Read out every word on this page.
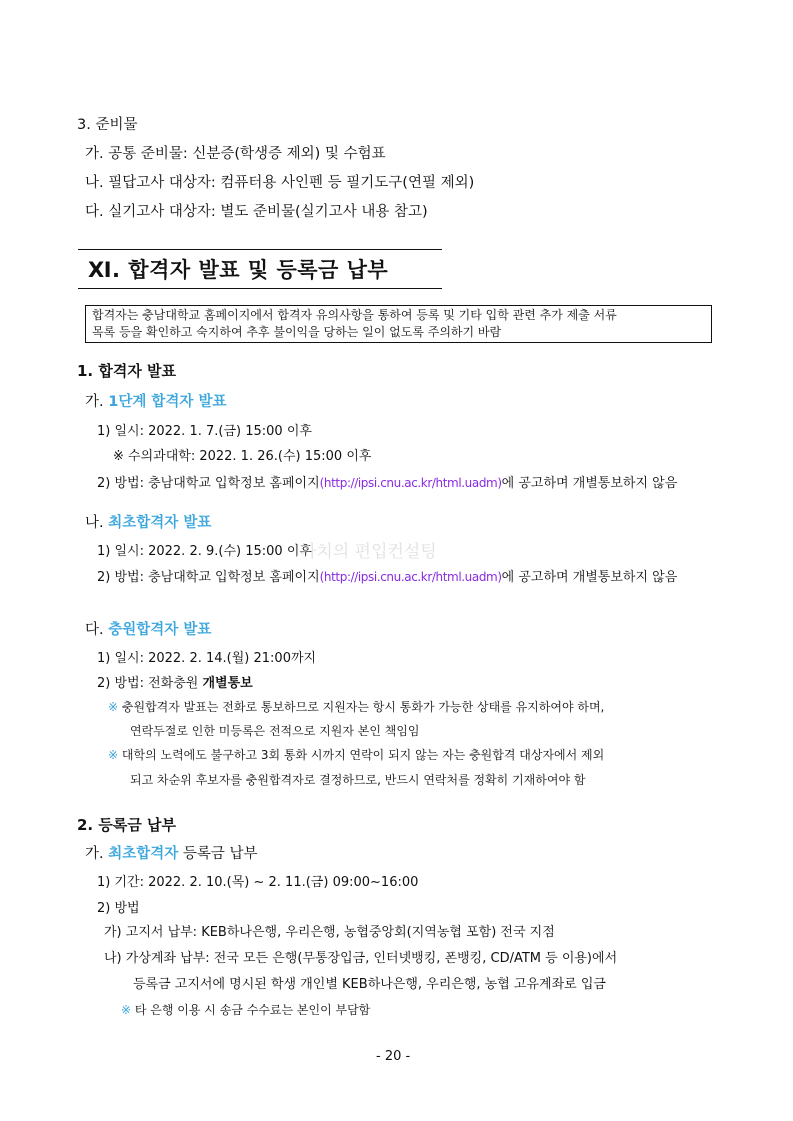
3. 준비물
가. 공통 준비물: 신분증(학생증 제외) 및 수험표
나. 필답고사 대상자: 컴퓨터용 사인펜 등 필기도구(연필 제외)
다. 실기고사 대상자: 별도 준비물(실기고사 내용 참고)
Ⅺ. 합격자 발표 및 등록금 납부
합격자는 충남대학교 홈페이지에서 합격자 유의사항을 통하여 등록 및 기타 입학 관련 추가 제출 서류
목록 등을 확인하고 숙지하여 추후 불이익을 당하는 일이 없도록 주의하기 바람
1. 합격자 발표
가. 1단계 합격자 발표
1) 일시: 2022. 1. 7.(금) 15:00 이후
※ 수의과대학: 2022. 1. 26.(수) 15:00 이후
2) 방법: 충남대학교 입학정보 홈페이지(http://ipsi.cnu.ac.kr/html.uadm)에 공고하며 개별통보하지 않음
나. 최초합격자 발표
1) 일시: 2022. 2. 9.(수) 15:00 이후
2) 방법: 충남대학교 입학정보 홈페이지(http://ipsi.cnu.ac.kr/html.uadm)에 공고하며 개별통보하지 않음
가치의 편입컨설팅
다. 충원합격자 발표
1) 일시: 2022. 2. 14.(월) 21:00까지
2) 방법: 전화충원 개별통보
※ 충원합격자 발표는 전화로 통보하므로 지원자는 항시 통화가 가능한 상태를 유지하여야 하며,
연락두절로 인한 미등록은 전적으로 지원자 본인 책임임
※ 대학의 노력에도 불구하고 3회 통화 시까지 연락이 되지 않는 자는 충원합격 대상자에서 제외
되고 차순위 후보자를 충원합격자로 결정하므로, 반드시 연락처를 정확히 기재하여야 함
2. 등록금 납부
가. 최초합격자 등록금 납부
1) 기간: 2022. 2. 10.(목) ~ 2. 11.(금) 09:00~16:00
2) 방법
가) 고지서 납부: KEB하나은행, 우리은행, 농협중앙회(지역농협 포함) 전국 지점
나) 가상계좌 납부: 전국 모든 은행(무통장입금, 인터넷뱅킹, 폰뱅킹, CD/ATM 등 이용)에서
등록금 고지서에 명시된 학생 개인별 KEB하나은행, 우리은행, 농협 고유계좌로 입금
※ 타 은행 이용 시 송금 수수료는 본인이 부담함
- 20 -
